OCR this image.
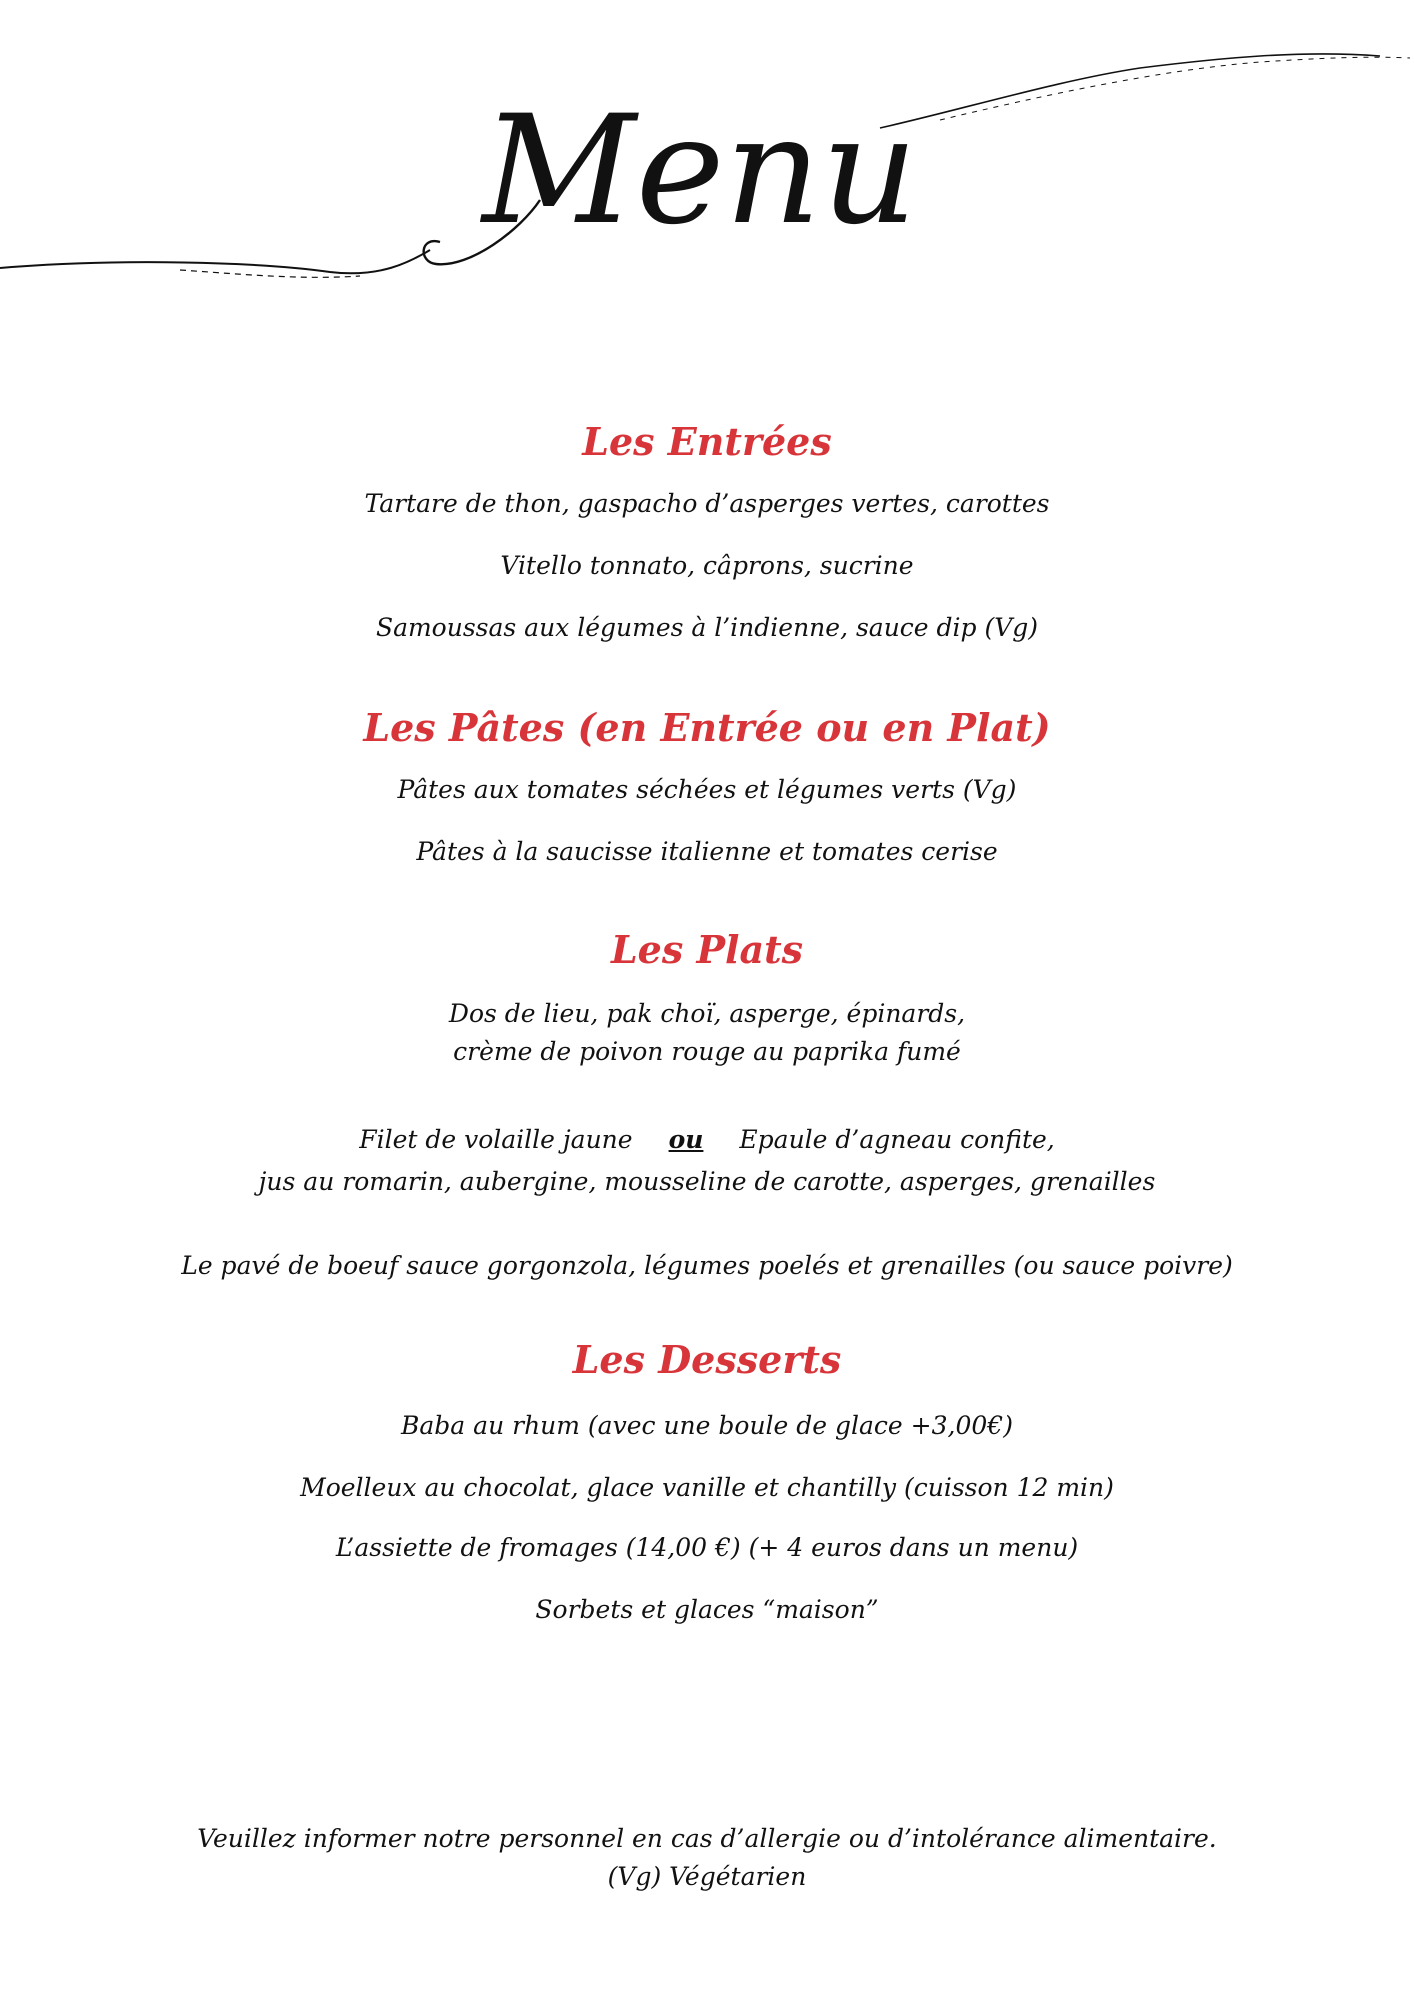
Menu
Les Entrées

Tartare de thon, gaspacho d’asperges vertes, carottes

Vitello tonnato, câprons, sucrine

Samoussas aux légumes à l’indienne, sauce dip (Vg)

Les Pâtes (en Entrée ou en Plat)

Pâtes aux tomates séchées et légumes verts (Vg)

Pâtes à la saucisse italienne et tomates cerise

Les Plats

Dos de lieu, pak choï, asperge, épinards,

crème de poivon rouge au paprika fumé

Filet de volaille jaune ou Epaule d’agneau confite,

jus au romarin, aubergine, mousseline de carotte, asperges, grenailles

Le pavé de boeuf sauce gorgonzola, légumes poelés et grenailles (ou sauce poivre)

Les Desserts

Baba au rhum (avec une boule de glace +3,00€)

Moelleux au chocolat, glace vanille et chantilly (cuisson 12 min)

L’assiette de fromages (14,00 €) (+ 4 euros dans un menu)

Sorbets et glaces “maison”

Veuillez informer notre personnel en cas d’allergie ou d’intolérance alimentaire.

(Vg) Végétarien
